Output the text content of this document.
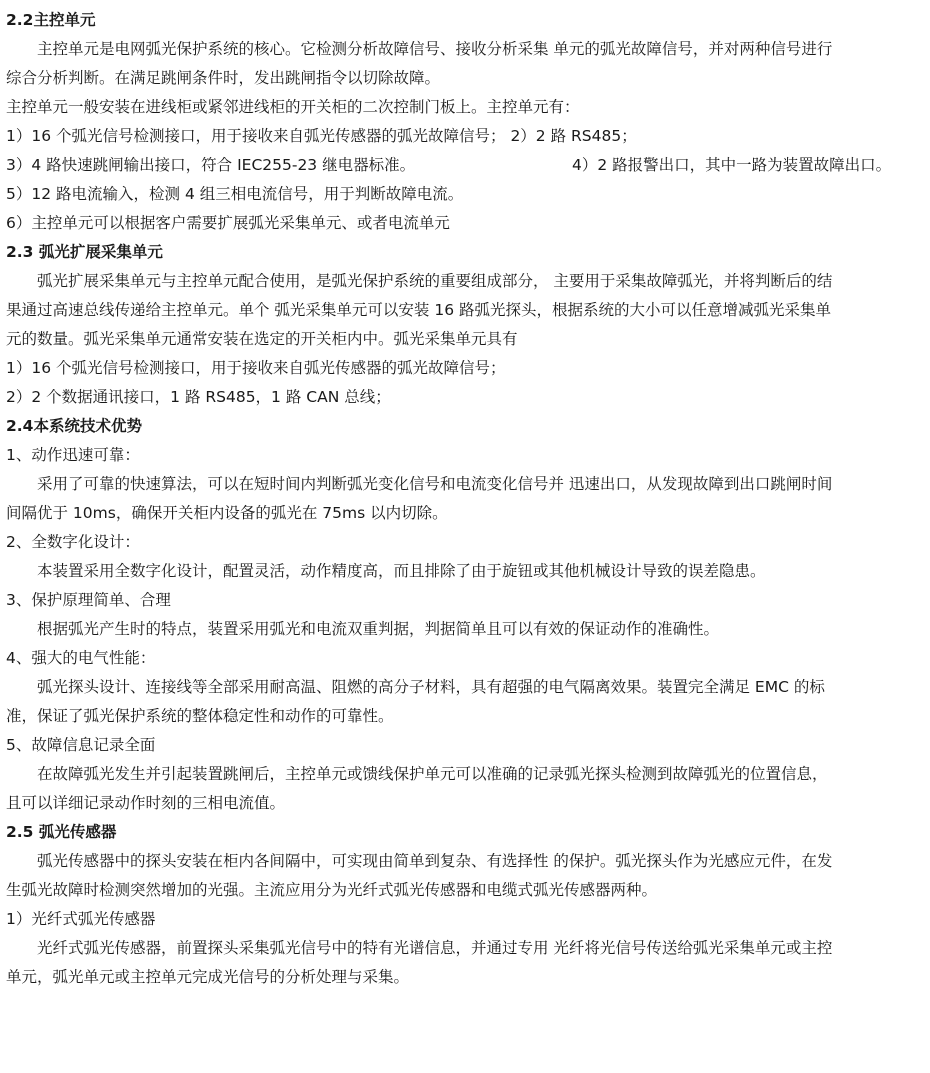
2.2主控单元
主控单元是电网弧光保护系统的核心。它检测分析故障信号、接收分析采集 单元的弧光故障信号，并对两种信号进行
综合分析判断。在满足跳闸条件时，发出跳闸指令以切除故障。
主控单元一般安装在进线柜或紧邻进线柜的开关柜的二次控制门板上。主控单元有：
1）16 个弧光信号检测接口，用于接收来自弧光传感器的弧光故障信号； 2）2 路 RS485；
3）4 路快速跳闸输出接口，符合 IEC255-23 继电器标准。	4）2 路报警出口，其中一路为装置故障出口。
5）12 路电流输入，检测 4 组三相电流信号，用于判断故障电流。
6）主控单元可以根据客户需要扩展弧光采集单元、或者电流单元
2.3 弧光扩展采集单元
弧光扩展采集单元与主控单元配合使用，是弧光保护系统的重要组成部分， 主要用于采集故障弧光，并将判断后的结
果通过高速总线传递给主控单元。单个 弧光采集单元可以安装 16 路弧光探头，根据系统的大小可以任意增减弧光采集单
元的数量。弧光采集单元通常安装在选定的开关柜内中。弧光采集单元具有
1）16 个弧光信号检测接口，用于接收来自弧光传感器的弧光故障信号；
2）2 个数据通讯接口，1 路 RS485，1 路 CAN 总线；
2.4本系统技术优势
1、动作迅速可靠：
采用了可靠的快速算法，可以在短时间内判断弧光变化信号和电流变化信号并 迅速出口，从发现故障到出口跳闸时间
间隔优于 10ms，确保开关柜内设备的弧光在 75ms 以内切除。
2、全数字化设计：
本装置采用全数字化设计，配置灵活，动作精度高，而且排除了由于旋钮或其他机械设计导致的误差隐患。
3、保护原理简单、合理
根据弧光产生时的特点，装置采用弧光和电流双重判据，判据简单且可以有效的保证动作的准确性。
4、强大的电气性能：
弧光探头设计、连接线等全部采用耐高温、阻燃的高分子材料，具有超强的电气隔离效果。装置完全满足 EMC 的标
准，保证了弧光保护系统的整体稳定性和动作的可靠性。
5、故障信息记录全面
在故障弧光发生并引起装置跳闸后，主控单元或馈线保护单元可以准确的记录弧光探头检测到故障弧光的位置信息，
且可以详细记录动作时刻的三相电流值。
2.5 弧光传感器
弧光传感器中的探头安装在柜内各间隔中，可实现由简单到复杂、有选择性 的保护。弧光探头作为光感应元件，在发
生弧光故障时检测突然增加的光强。主流应用分为光纤式弧光传感器和电缆式弧光传感器两种。
1）光纤式弧光传感器
光纤式弧光传感器，前置探头采集弧光信号中的特有光谱信息，并通过专用 光纤将光信号传送给弧光采集单元或主控
单元，弧光单元或主控单元完成光信号的分析处理与采集。
